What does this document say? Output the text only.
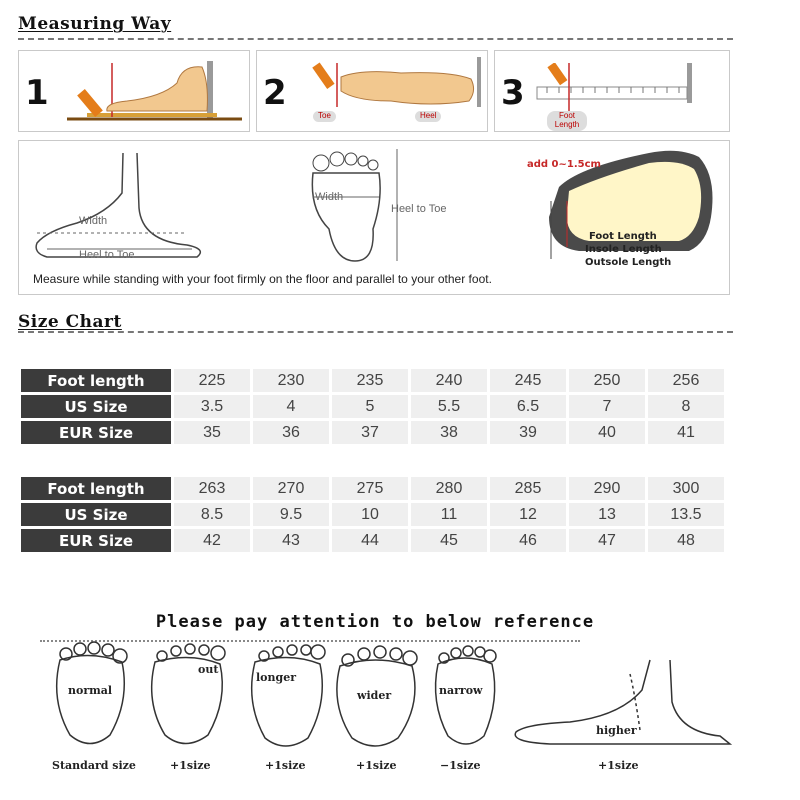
Measuring Way
1	2
Toe	Heel
3
Foot Length
Width
Heel to Toe
Width
Heel to Toe
add 0~1.5cm
Foot Length
Insole Length
Outsole Length
Measure while standing with your foot firmly on the floor and parallel to your other foot.
Size Chart
Foot length	225	230	235	240	245	250	256
US Size	3.5	4	5	5.5	6.5	7	8
EUR Size	35	36	37	38	39	40	41
Foot length	263	270	275	280	285	290	300
US Size	8.5	9.5	10	11	12	13	13.5
EUR Size	42	43	44	45	46	47	48
Please pay attention to below reference
normal
out
longer
wider	narrow
higher
Standard size	+1size	+1size	+1size	−1size	+1size
